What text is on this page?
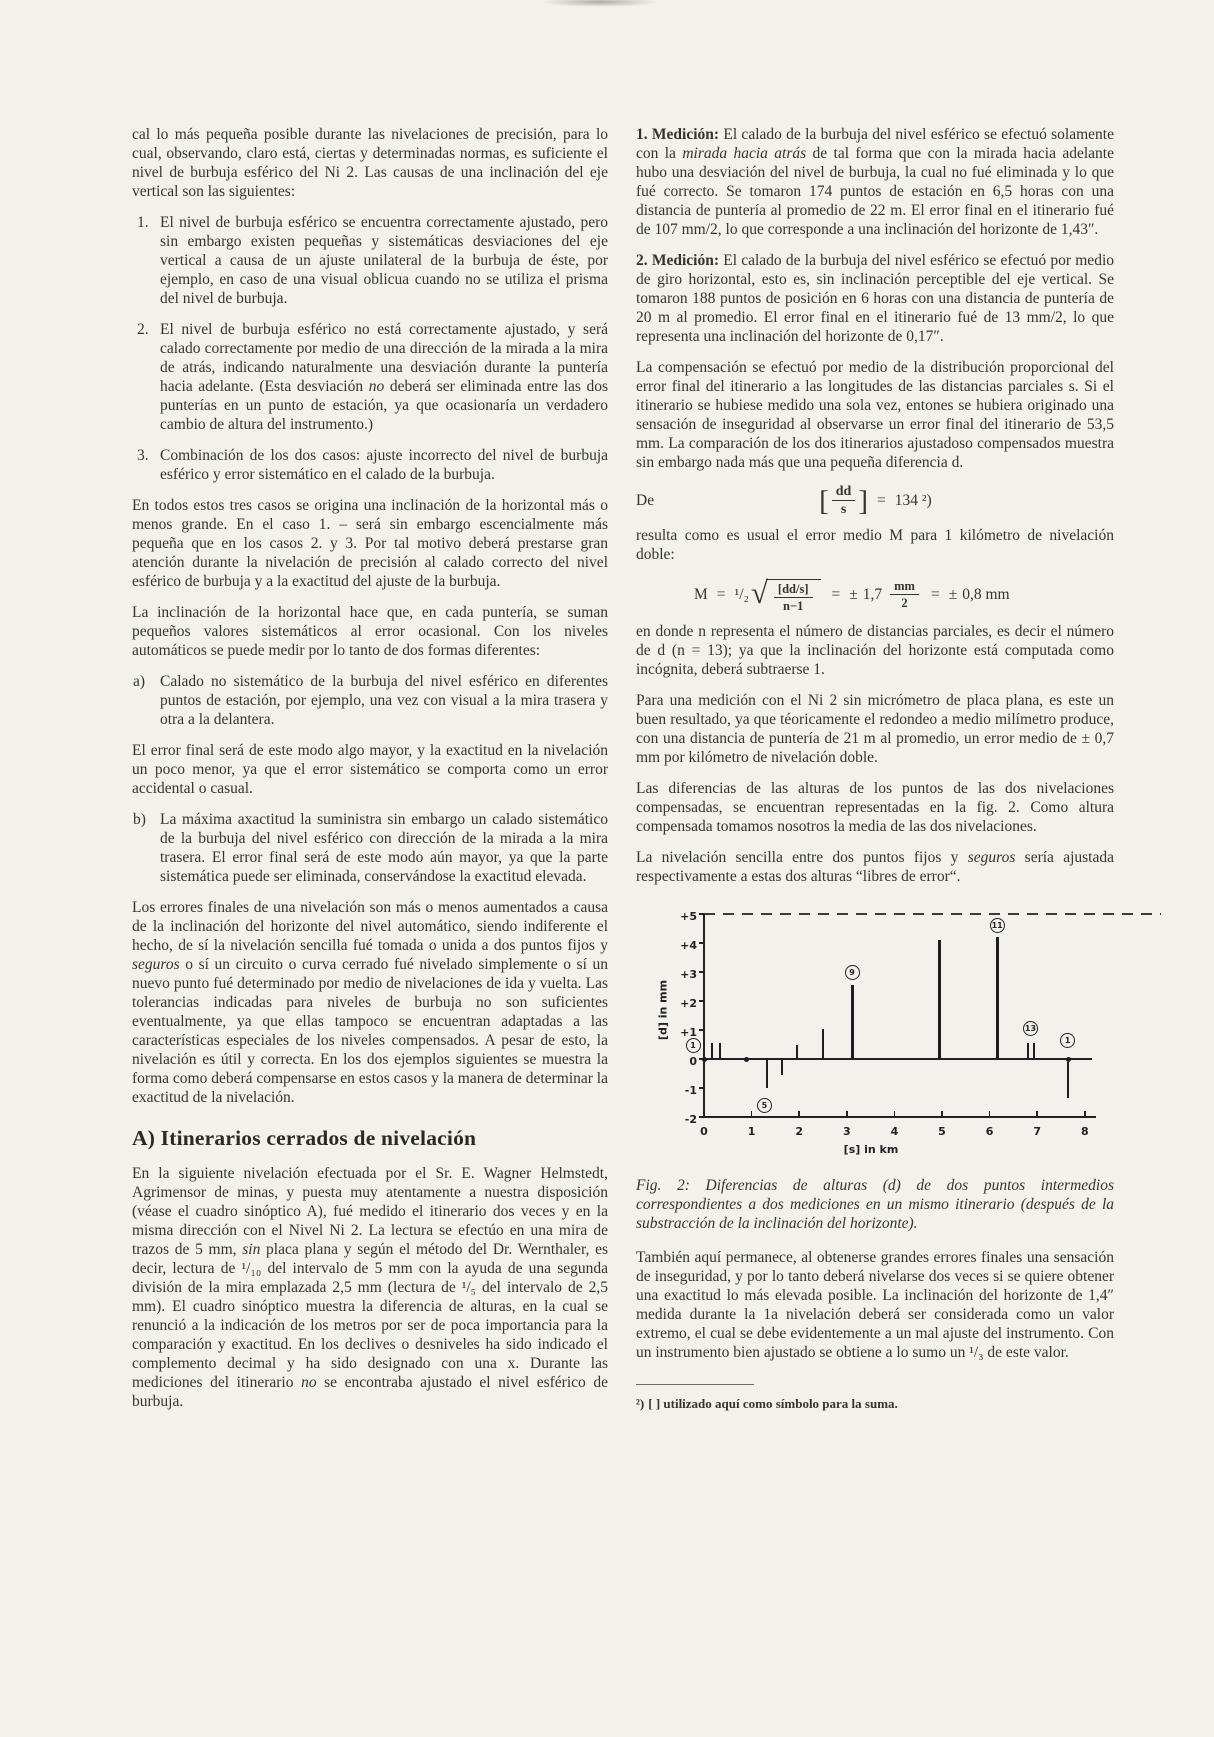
cal lo más pequeña posible durante las nivelaciones de precisión, para lo cual, observando, claro está, ciertas y determinadas normas, es suficiente el nivel de burbuja esférico del Ni 2. Las causas de una inclinación del eje vertical son las siguientes:

1. El nivel de burbuja esférico se encuentra correctamente ajustado, pero sin embargo existen pequeñas y sistemáticas desviaciones del eje vertical a causa de un ajuste unilateral de la burbuja de éste, por ejemplo, en caso de una visual oblicua cuando no se utiliza el prisma del nivel de burbuja.
2. El nivel de burbuja esférico no está correctamente ajustado, y será calado correctamente por medio de una dirección de la mirada a la mira de atrás, indicando naturalmente una desviación durante la puntería hacia adelante. (Esta desviación no deberá ser eliminada entre las dos punterías en un punto de estación, ya que ocasionaría un verdadero cambio de altura del instrumento.)
3. Combinación de los dos casos: ajuste incorrecto del nivel de burbuja esférico y error sistemático en el calado de la burbuja.

En todos estos tres casos se origina una inclinación de la horizontal más o menos grande. En el caso 1. – será sin embargo escencialmente más pequeña que en los casos 2. y 3. Por tal motivo deberá prestarse gran atención durante la nivelación de precisión al calado correcto del nivel esférico de burbuja y a la exactitud del ajuste de la burbuja.

La inclinación de la horizontal hace que, en cada puntería, se suman pequeños valores sistemáticos al error ocasional. Con los niveles automáticos se puede medir por lo tanto de dos formas diferentes:

a) Calado no sistemático de la burbuja del nivel esférico en diferentes puntos de estación, por ejemplo, una vez con visual a la mira trasera y otra a la delantera.

El error final será de este modo algo mayor, y la exactitud en la nivelación un poco menor, ya que el error sistemático se comporta como un error accidental o casual.

b) La máxima axactitud la suministra sin embargo un calado sistemático de la burbuja del nivel esférico con dirección de la mirada a la mira trasera. El error final será de este modo aún mayor, ya que la parte sistemática puede ser eliminada, conservándose la exactitud elevada.

Los errores finales de una nivelación son más o menos aumentados a causa de la inclinación del horizonte del nivel automático, siendo indiferente el hecho, de sí la nivelación sencilla fué tomada o unida a dos puntos fijos y seguros o sí un circuito o curva cerrado fué nivelado simplemente o sí un nuevo punto fué determinado por medio de nivelaciones de ida y vuelta. Las tolerancias indicadas para niveles de burbuja no son suficientes eventualmente, ya que ellas tampoco se encuentran adaptadas a las características especiales de los niveles compensados. A pesar de esto, la nivelación es útil y correcta. En los dos ejemplos siguientes se muestra la forma como deberá compensarse en estos casos y la manera de determinar la exactitud de la nivelación.

A) Itinerarios cerrados de nivelación

En la siguiente nivelación efectuada por el Sr. E. Wagner Helmstedt, Agrimensor de minas, y puesta muy atentamente a nuestra disposición (véase el cuadro sinóptico A), fué medido el itinerario dos veces y en la misma dirección con el Nivel Ni 2. La lectura se efectúo en una mira de trazos de 5 mm, sin placa plana y según el método del Dr. Wernthaler, es decir, lectura de ¹/₁₀ del intervalo de 5 mm con la ayuda de una segunda división de la mira emplazada 2,5 mm (lectura de ¹/₅ del intervalo de 2,5 mm). El cuadro sinóptico muestra la diferencia de alturas, en la cual se renunció a la indicación de los metros por ser de poca importancia para la comparación y exactitud. En los declives o desniveles ha sido indicado el complemento decimal y ha sido designado con una x. Durante las mediciones del itinerario no se encontraba ajustado el nivel esférico de burbuja.

1. Medición: El calado de la burbuja del nivel esférico se efectuó solamente con la mirada hacia atrás de tal forma que con la mirada hacia adelante hubo una desviación del nivel de burbuja, la cual no fué eliminada y lo que fué correcto. Se tomaron 174 puntos de estación en 6,5 horas con una distancia de puntería al promedio de 22 m. El error final en el itinerario fué de 107 mm/2, lo que corresponde a una inclinación del horizonte de 1,43″.

2. Medición: El calado de la burbuja del nivel esférico se efectuó por medio de giro horizontal, esto es, sin inclinación perceptible del eje vertical. Se tomaron 188 puntos de posición en 6 horas con una distancia de puntería de 20 m al promedio. El error final en el itinerario fué de 13 mm/2, lo que representa una inclinación del horizonte de 0,17″.

La compensación se efectuó por medio de la distribución proporcional del error final del itinerario a las longitudes de las distancias parciales s. Si el itinerario se hubiese medido una sola vez, entones se hubiera originado una sensación de inseguridad al observarse un error final del itinerario de 53,5 mm. La comparación de los dos itinerarios ajustadoso compensados muestra sin embargo nada más que una pequeña diferencia d.

De	[ $\frac{dd}{s}$ ] = 134 ²)

resulta como es usual el error medio M para 1 kilómetro de nivelación doble:

M = ¹/₂ √ $\frac{[dd/s]}{n-1}$ = ± $1,7 \frac{mm}{2}$ = ± 0,8 mm

en donde n representa el número de distancias parciales, es decir el número de d (n = 13); ya que la inclinación del horizonte está computada como incógnita, deberá subtraerse 1.

Para una medición con el Ni 2 sin micrómetro de placa plana, es este un buen resultado, ya que téoricamente el redondeo a medio milímetro produce, con una distancia de puntería de 21 m al promedio, un error medio de ± 0,7 mm por kilómetro de nivelación doble.

Las diferencias de las alturas de los puntos de las dos nivelaciones compensadas, se encuentran representadas en la fig. 2. Como altura compensada tomamos nosotros la media de las dos nivelaciones.

La nivelación sencilla entre dos puntos fijos y seguros sería ajustada respectivamente a estas dos alturas “libres de error“.

[d] in mm
[s] in km
+5
+4
+3
+2
+1
0
-1
-2
0	1	2	3	4	5	6	7	8
1
5
9
11
13
1

Fig. 2: Diferencias de alturas (d) de dos puntos intermedios correspondientes a dos mediciones en un mismo itinerario (después de la substracción de la inclinación del horizonte).

También aquí permanece, al obtenerse grandes errores finales una sensación de inseguridad, y por lo tanto deberá nivelarse dos veces si se quiere obtener una exactitud lo más elevada posible. La inclinación del horizonte de 1,4″ medida durante la 1a nivelación deberá ser considerada como un valor extremo, el cual se debe evidentemente a un mal ajuste del instrumento. Con un instrumento bien ajustado se obtiene a lo sumo un ¹/₃ de este valor.

²) [ ] utilizado aquí como símbolo para la suma.
